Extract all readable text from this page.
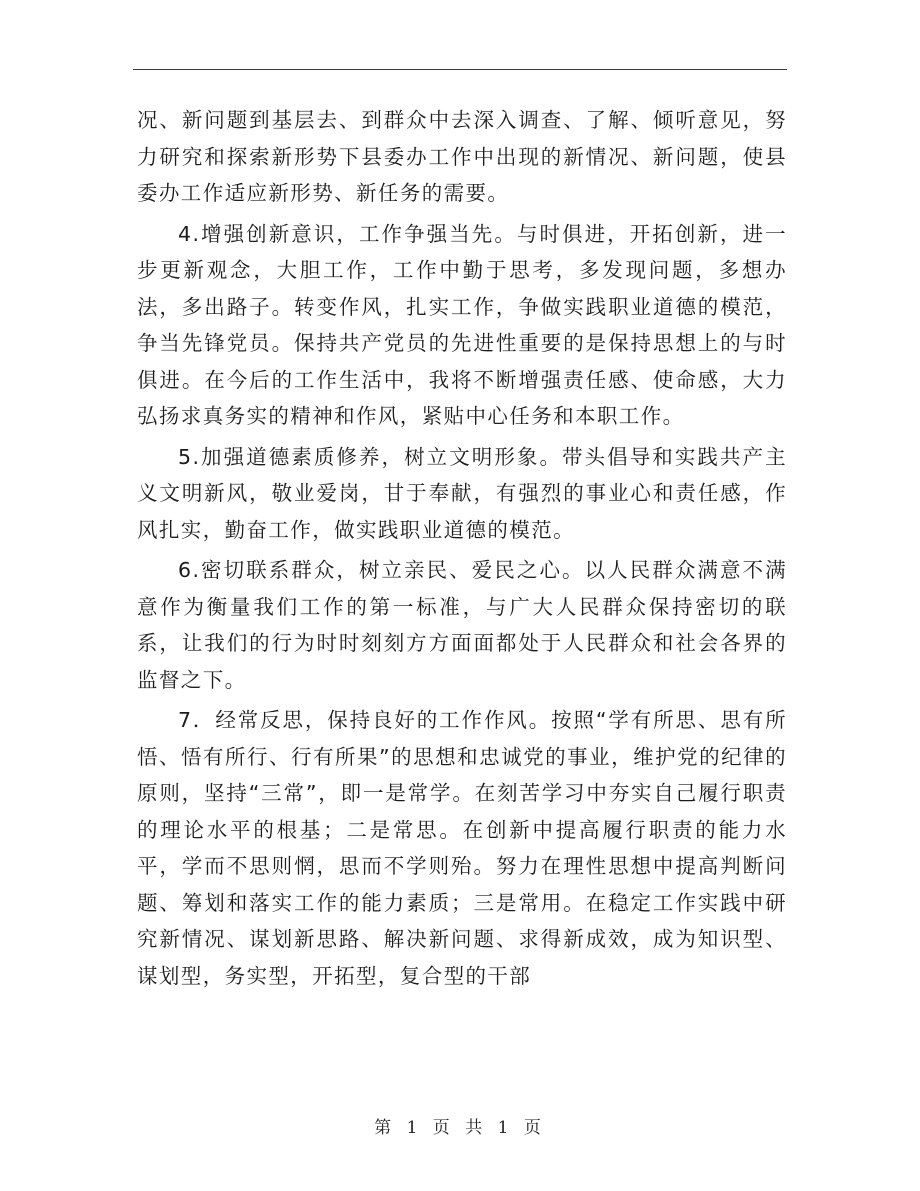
况、新问题到基层去、到群众中去深入调查、了解、倾听意见，努力研究和探索新形势下县委办工作中出现的新情况、新问题，使县委办工作适应新形势、新任务的需要。

4.增强创新意识，工作争强当先。与时俱进，开拓创新，进一步更新观念，大胆工作，工作中勤于思考，多发现问题，多想办法，多出路子。转变作风，扎实工作，争做实践职业道德的模范，争当先锋党员。保持共产党员的先进性重要的是保持思想上的与时俱进。在今后的工作生活中，我将不断增强责任感、使命感，大力弘扬求真务实的精神和作风，紧贴中心任务和本职工作。

5.加强道德素质修养，树立文明形象。带头倡导和实践共产主义文明新风，敬业爱岗，甘于奉献，有强烈的事业心和责任感，作风扎实，勤奋工作，做实践职业道德的模范。

6.密切联系群众，树立亲民、爱民之心。以人民群众满意不满意作为衡量我们工作的第一标准，与广大人民群众保持密切的联系，让我们的行为时时刻刻方方面面都处于人民群众和社会各界的监督之下。

7．经常反思，保持良好的工作作风。按照“学有所思、思有所悟、悟有所行、行有所果”的思想和忠诚党的事业，维护党的纪律的原则，坚持“三常”，即一是常学。在刻苦学习中夯实自己履行职责的理论水平的根基；二是常思。在创新中提高履行职责的能力水平，学而不思则惘，思而不学则殆。努力在理性思想中提高判断问题、筹划和落实工作的能力素质；三是常用。在稳定工作实践中研究新情况、谋划新思路、解决新问题、求得新成效，成为知识型、谋划型，务实型，开拓型，复合型的干部

第 1 页 共 1 页
